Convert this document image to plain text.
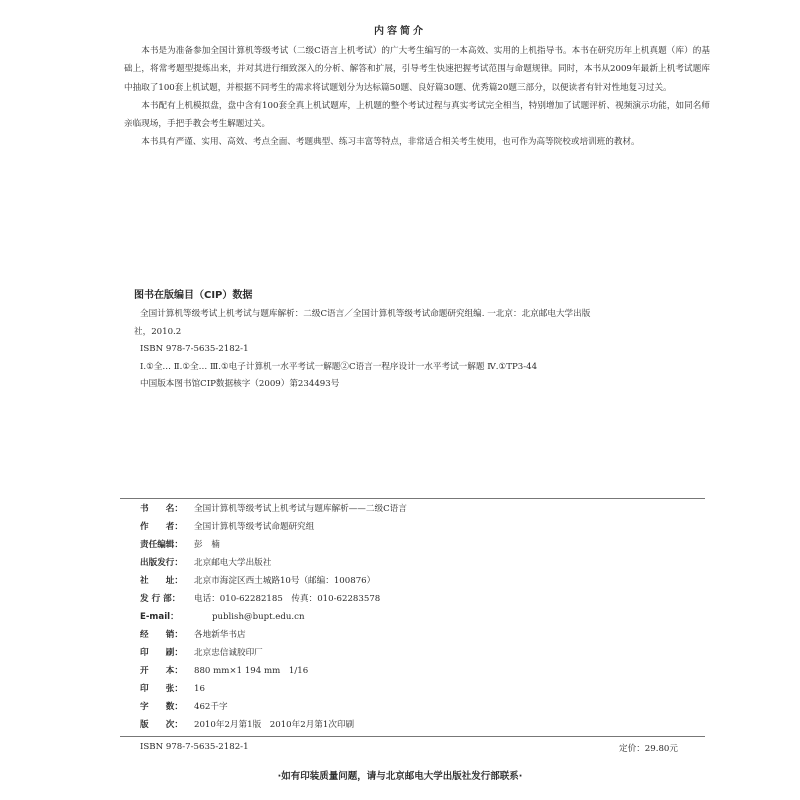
内容简介

本书是为准备参加全国计算机等级考试（二级C语言上机考试）的广大考生编写的一本高效、实用的上机指导书。本书在研究历年上机真题（库）的基础上，将常考题型提炼出来，并对其进行细致深入的分析、解答和扩展，引导考生快速把握考试范围与命题规律。同时，本书从2009年最新上机考试题库中抽取了100套上机试题，并根据不同考生的需求将试题划分为达标篇50题、良好篇30题、优秀篇20题三部分，以便读者有针对性地复习过关。

本书配有上机模拟盘，盘中含有100套全真上机试题库，上机题的整个考试过程与真实考试完全相当，特别增加了试题评析、视频演示功能，如同名师亲临现场，手把手教会考生解题过关。

本书具有严谨、实用、高效、考点全面、考题典型、练习丰富等特点，非常适合相关考生使用，也可作为高等院校或培训班的教材。

图书在版编目（CIP）数据
全国计算机等级考试上机考试与题库解析：二级C语言／全国计算机等级考试命题研究组编. 一北京：北京邮电大学出版
社，2010.2
ISBN 978-7-5635-2182-1
Ⅰ.①全… Ⅱ.①全… Ⅲ.①电子计算机一水平考试一解题②C语言一程序设计一水平考试一解题 Ⅳ.①TP3-44
中国版本图书馆CIP数据核字（2009）第234493号
书　　名：	全国计算机等级考试上机考试与题库解析——二级C语言
作　　者：	全国计算机等级考试命题研究组
责任编辑：	彭　楠
出版发行：	北京邮电大学出版社
社　　址：	北京市海淀区西土城路10号（邮编：100876）
发 行 部：	电话：010-62282185　传真：010-62283578
E-mail：	publish@bupt.edu.cn
经　　销：	各地新华书店
印　　刷：	北京忠信诚胶印厂
开　　本：	880 mm×1 194 mm　1/16
印　　张：	16
字　　数：	462千字
版　　次：	2010年2月第1版　2010年2月第1次印刷
ISBN 978-7-5635-2182-1	定价：29.80元
·如有印装质量问题，请与北京邮电大学出版社发行部联系·
